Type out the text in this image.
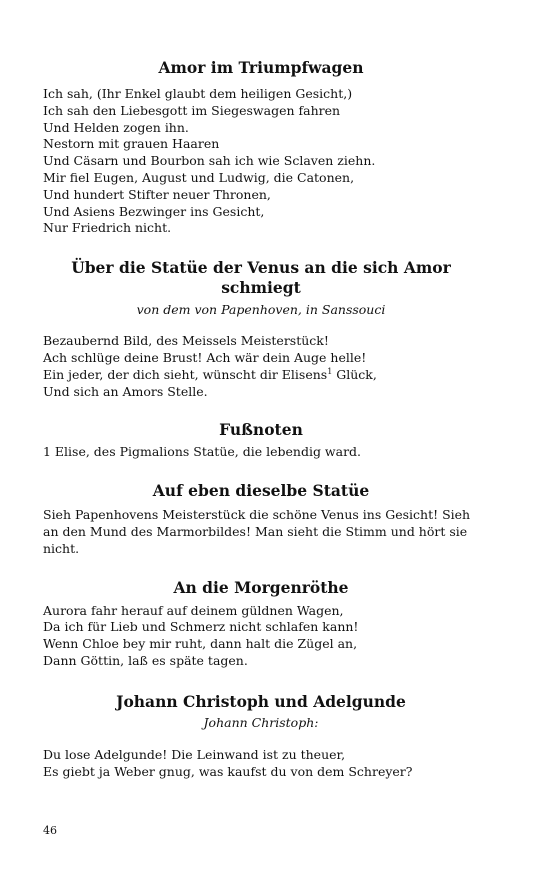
Amor im Triumpfwagen
Ich sah, (Ihr Enkel glaubt dem heiligen Gesicht,)
Ich sah den Liebesgott im Siegeswagen fahren
Und Helden zogen ihn.
Nestorn mit grauen Haaren
Und Cäsarn und Bourbon sah ich wie Sclaven ziehn.
Mir fiel Eugen, August und Ludwig, die Catonen,
Und hundert Stifter neuer Thronen,
Und Asiens Bezwinger ins Gesicht,
Nur Friedrich nicht.
Über die Statüe der Venus an die sich Amor schmiegt
von dem von Papenhoven, in Sanssouci
Bezaubernd Bild, des Meissels Meisterstück!
Ach schlüge deine Brust! Ach wär dein Auge helle!
Ein jeder, der dich sieht, wünscht dir Elisens$^1$ Glück,
Und sich an Amors Stelle.
Fußnoten
1 Elise, des Pigmalions Statüe, die lebendig ward.
Auf eben dieselbe Statüe
Sieh Papenhovens Meisterstück die schöne Venus ins Gesicht! Sieh an den Mund des Marmorbildes! Man sieht die Stimm und hört sie nicht.
An die Morgenröthe
Aurora fahr herauf auf deinem güldnen Wagen,
Da ich für Lieb und Schmerz nicht schlafen kann!
Wenn Chloe bey mir ruht, dann halt die Zügel an,
Dann Göttin, laß es späte tagen.
Johann Christoph und Adelgunde
Johann Christoph:
Du lose Adelgunde! Die Leinwand ist zu theuer,
Es giebt ja Weber gnug, was kaufst du von dem Schreyer?
46
